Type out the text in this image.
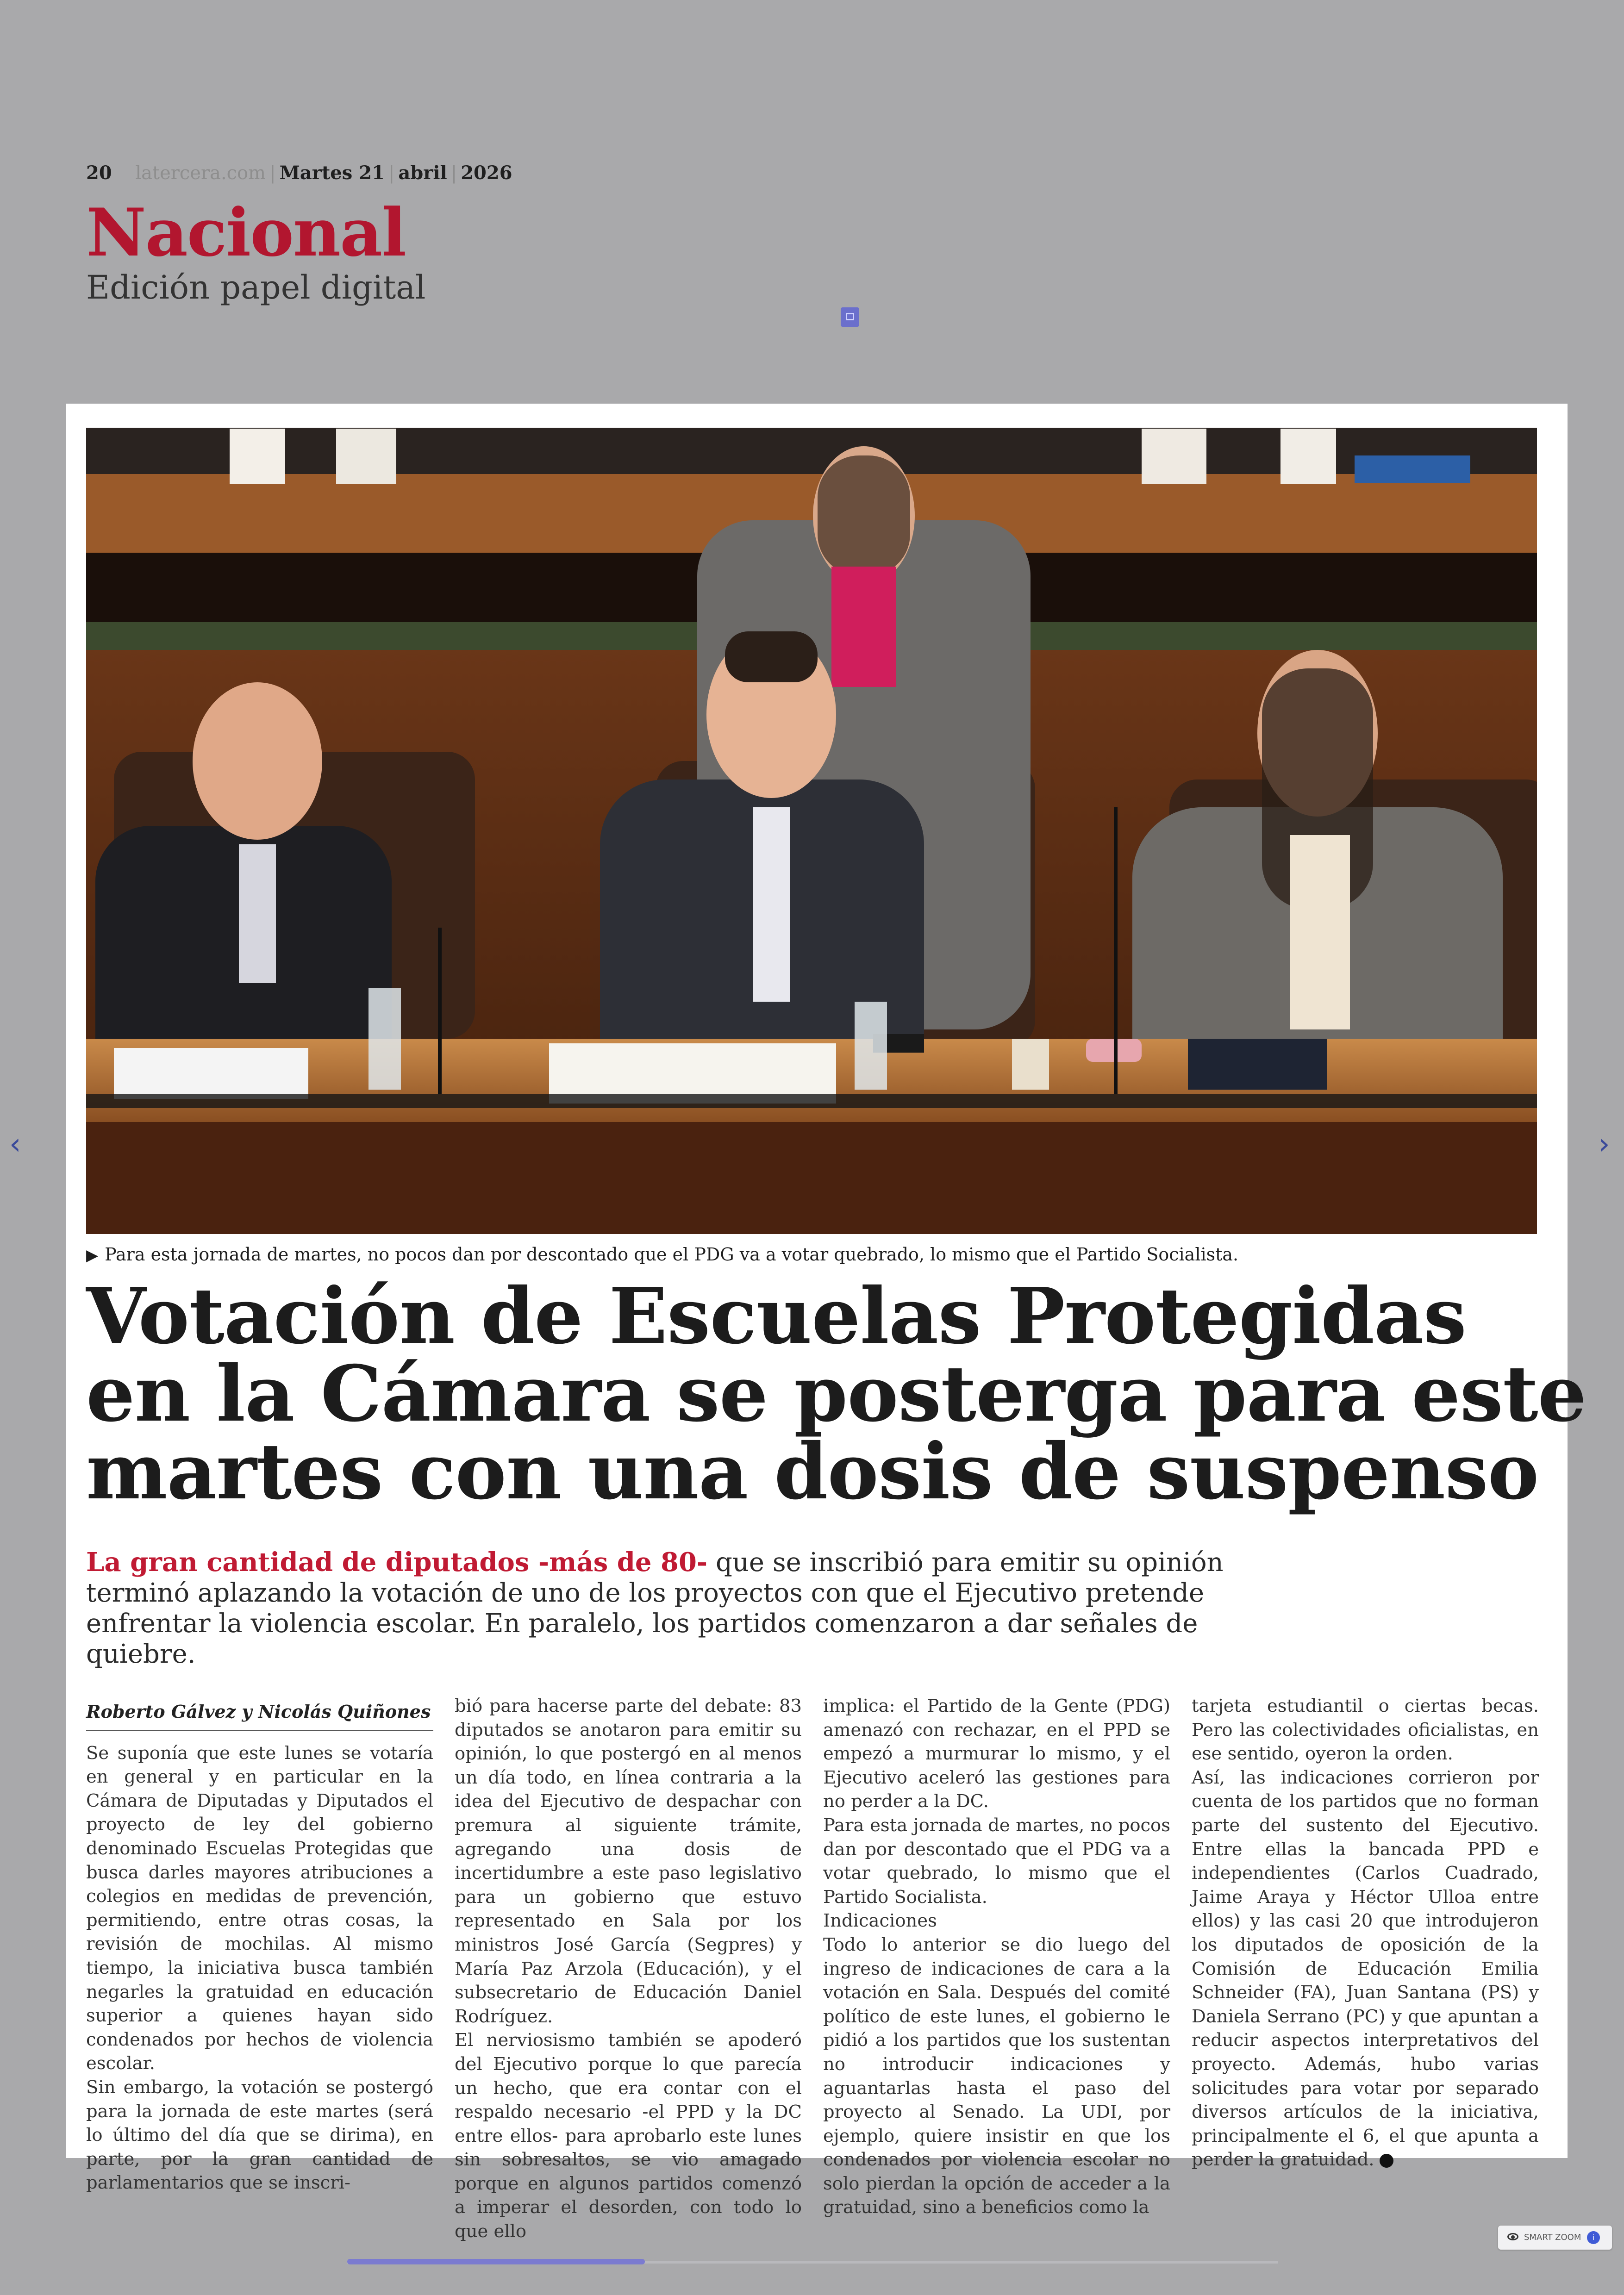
20 latercera.com | Martes 21 | abril | 2026
Nacional
Edición papel digital
▶ Para esta jornada de martes, no pocos dan por descontado que el PDG va a votar quebrado, lo mismo que el Partido Socialista.
Votación de Escuelas Protegidas
en la Cámara se posterga para este
martes con una dosis de suspenso
La gran cantidad de diputados -más de 80- que se inscribió para emitir su opinión terminó aplazando la votación de uno de los proyectos con que el Ejecutivo pretende enfrentar la violencia escolar. En paralelo, los partidos comenzaron a dar señales de quiebre.
Roberto Gálvez y Nicolás Quiñones

Se suponía que este lunes se votaría en general y en particular en la Cámara de Diputadas y Diputados el proyecto de ley del gobierno denominado Escuelas Protegidas que busca darles mayores atribuciones a colegios en medidas de prevención, permitiendo, entre otras cosas, la revisión de mochilas. Al mismo tiempo, la iniciativa busca también negarles la gratuidad en educación superior a quienes hayan sido condenados por hechos de violencia escolar.

Sin embargo, la votación se postergó para la jornada de este martes (será lo último del día que se dirima), en parte, por la gran cantidad de parlamentarios que se inscri-

bió para hacerse parte del debate: 83 diputados se anotaron para emitir su opinión, lo que postergó en al menos un día todo, en línea contraria a la idea del Ejecutivo de despachar con premura al siguiente trámite, agregando una dosis de incertidumbre a este paso legislativo para un gobierno que estuvo representado en Sala por los ministros José García (Segpres) y María Paz Arzola (Educación), y el subsecretario de Educación Daniel Rodríguez.

El nerviosismo también se apoderó del Ejecutivo porque lo que parecía un hecho, que era contar con el respaldo necesario -el PPD y la DC entre ellos- para aprobarlo este lunes sin sobresaltos, se vio amagado porque en algunos partidos comenzó a imperar el desorden, con todo lo que ello

implica: el Partido de la Gente (PDG) amenazó con rechazar, en el PPD se empezó a murmurar lo mismo, y el Ejecutivo aceleró las gestiones para no perder a la DC.

Para esta jornada de martes, no pocos dan por descontado que el PDG va a votar quebrado, lo mismo que el Partido Socialista.

Indicaciones

Todo lo anterior se dio luego del ingreso de indicaciones de cara a la votación en Sala. Después del comité político de este lunes, el gobierno le pidió a los partidos que los sustentan no introducir indicaciones y aguantarlas hasta el paso del proyecto al Senado. La UDI, por ejemplo, quiere insistir en que los condenados por violencia escolar no solo pierdan la opción de acceder a la gratuidad, sino a beneficios como la

tarjeta estudiantil o ciertas becas. Pero las colectividades oficialistas, en ese sentido, oyeron la orden.

Así, las indicaciones corrieron por cuenta de los partidos que no forman parte del sustento del Ejecutivo. Entre ellas la bancada PPD e independientes (Carlos Cuadrado, Jaime Araya y Héctor Ulloa entre ellos) y las casi 20 que introdujeron los diputados de oposición de la Comisión de Educación Emilia Schneider (FA), Juan Santana (PS) y Daniela Serrano (PC) y que apuntan a reducir aspectos interpretativos del proyecto. Además, hubo varias solicitudes para votar por separado diversos artículos de la iniciativa, principalmente el 6, el que apunta a perder la gratuidad.

‹	›
SMART ZOOM	i
